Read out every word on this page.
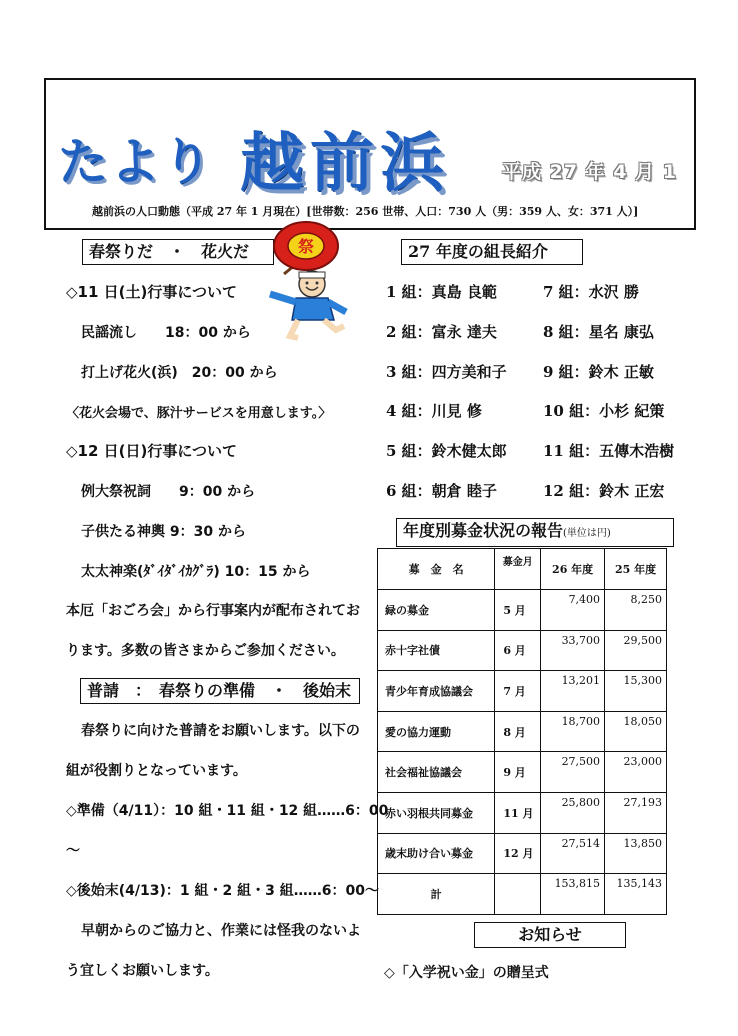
たより 越前浜	平成 27 年 4 月 1
越前浜の人口動態（平成 27 年 1 月現在）[世帯数：256 世帯、人口：730 人（男：359 人、女：371 人）]
春祭りだ　・　花火だ	祭
◇11 日(土)行事について
民謡流し　　18：00 から
打上げ花火(浜)　20：00 から
〈花火会場で、豚汁サービスを用意します。〉
◇12 日(日)行事について
例大祭祝詞　　9：00 から
子供たる神輿 9：30 から
太太神楽(ﾀﾞｲﾀﾞｲｶｸﾞﾗ) 10：15 から
本厄「おごろ会」から行事案内が配布されてお
ります。多数の皆さまからご参加ください。
普請　：　春祭りの準備　・　後始末
春祭りに向けた普請をお願いします。以下の
組が役割りとなっています。
◇準備（4/11）：10 組・11 組・12 組……6：00
～
◇後始末(4/13)：1 組・2 組・3 組……6：00～
早朝からのご協力と、作業には怪我のないよ
う宜しくお願いします。
27 年度の組長紹介
1 組：真島 良範
2 組：富永 達夫
3 組：四方美和子
4 組：川見 修
5 組：鈴木健太郎
6 組：朝倉 睦子
7 組：水沢 勝
8 組：星名 康弘
9 組：鈴木 正敏
10 組：小杉 紀策
11 組：五傳木浩樹
12 組：鈴木 正宏
年度別募金状況の報告(単位は円)
募　金　名	募金月	26 年度	25 年度
緑の募金	5 月	7,400	8,250
赤十字社債	6 月	33,700	29,500
青少年育成協議会	7 月	13,201	15,300
愛の協力運動	8 月	18,700	18,050
社会福祉協議会	9 月	27,500	23,000
赤い羽根共同募金	11 月	25,800	27,193
歳末助け合い募金	12 月	27,514	13,850
計		153,815	135,143
お知らせ
◇「入学祝い金」の贈呈式
